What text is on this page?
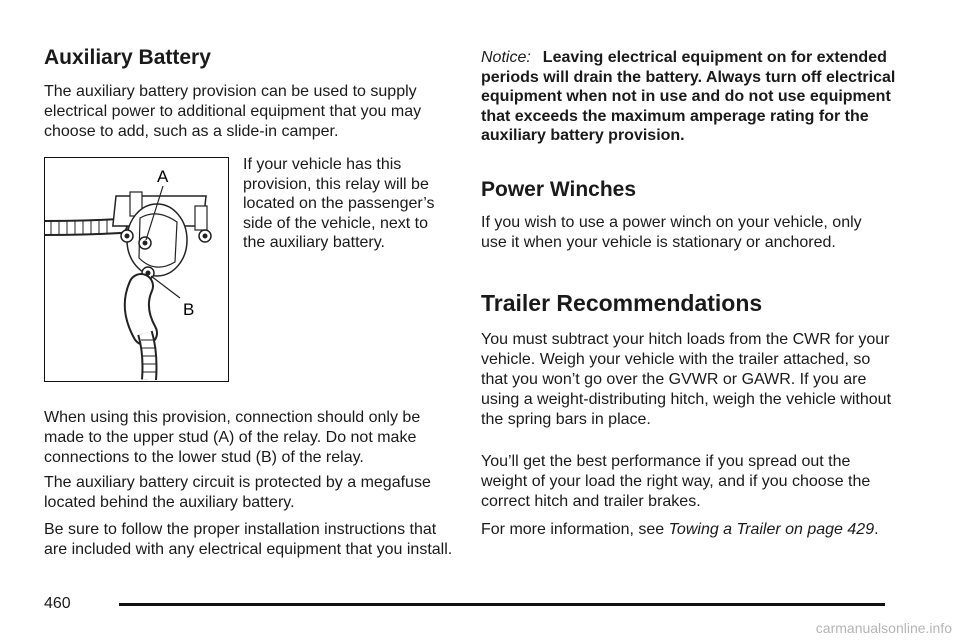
Auxiliary Battery

The auxiliary battery provision can be used to supply electrical power to additional equipment that you may choose to add, such as a slide-in camper.

A
B

If your vehicle has this provision, this relay will be located on the passenger’s side of the vehicle, next to the auxiliary battery.

When using this provision, connection should only be made to the upper stud (A) of the relay. Do not make connections to the lower stud (B) of the relay.

The auxiliary battery circuit is protected by a megafuse located behind the auxiliary battery.

Be sure to follow the proper installation instructions that are included with any electrical equipment that you install.

Notice: Leaving electrical equipment on for extended periods will drain the battery. Always turn off electrical equipment when not in use and do not use equipment that exceeds the maximum amperage rating for the auxiliary battery provision.

Power Winches

If you wish to use a power winch on your vehicle, only use it when your vehicle is stationary or anchored.

Trailer Recommendations

You must subtract your hitch loads from the CWR for your vehicle. Weigh your vehicle with the trailer attached, so that you won’t go over the GVWR or GAWR. If you are using a weight-distributing hitch, weigh the vehicle without the spring bars in place.

You’ll get the best performance if you spread out the weight of your load the right way, and if you choose the correct hitch and trailer brakes.

For more information, see Towing a Trailer on page 429.

460
carmanualsonline.info
